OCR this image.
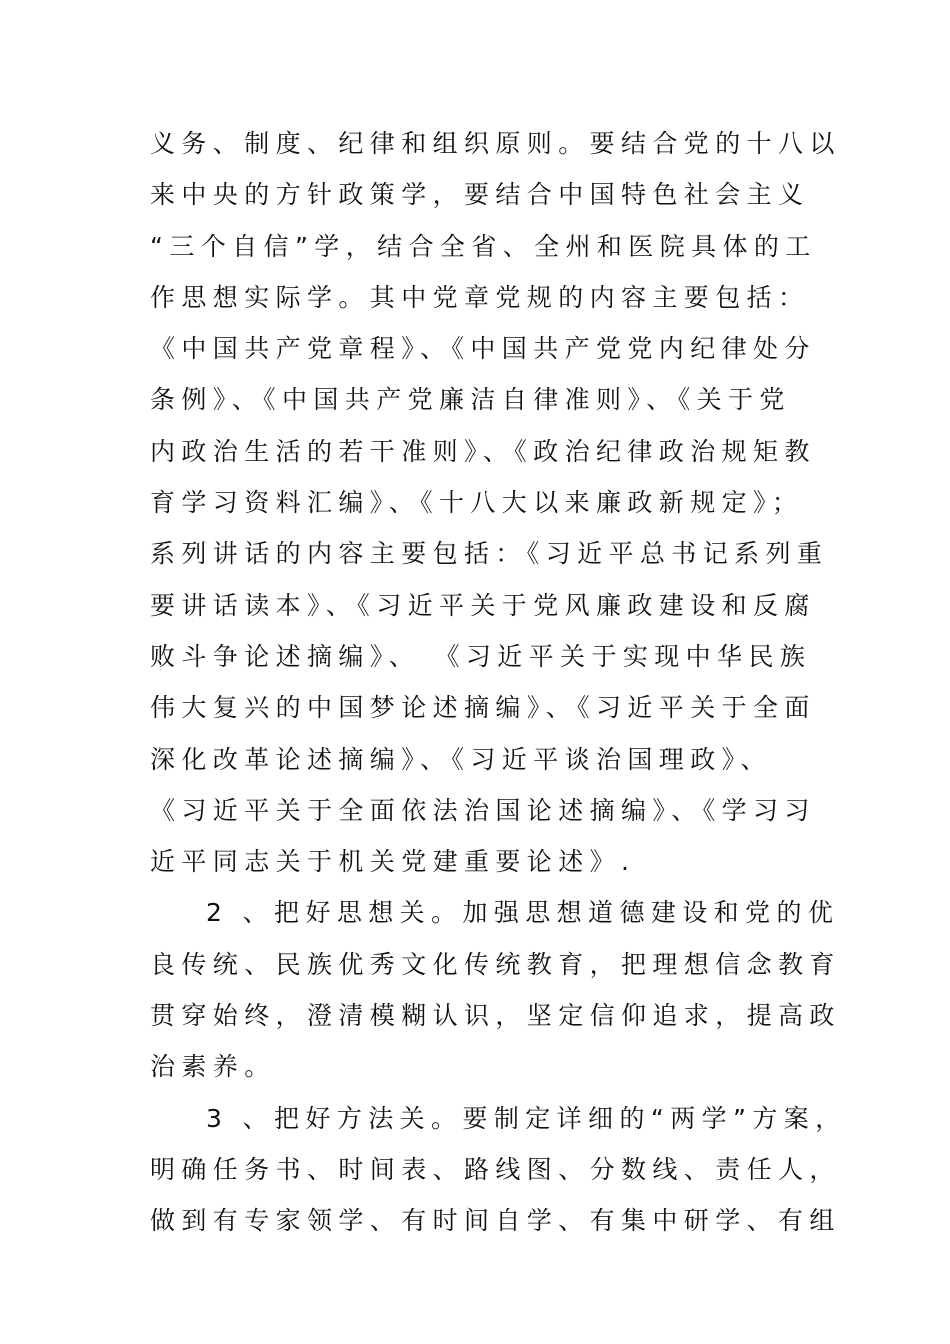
义务、制度、纪律和组织原则。要结合党的十八以
来中央的方针政策学，要结合中国特色社会主义
“三个自信”学，结合全省、全州和医院具体的工
作思想实际学。其中党章党规的内容主要包括：
《中国共产党章程》、《中国共产党党内纪律处分
条例》、《中国共产党廉洁自律准则》、《关于党
内政治生活的若干准则》、《政治纪律政治规矩教
育学习资料汇编》、《十八大以来廉政新规定》；
系列讲话的内容主要包括：《习近平总书记系列重
要讲话读本》、《习近平关于党风廉政建设和反腐
败斗争论述摘编》、 《习近平关于实现中华民族
伟大复兴的中国梦论述摘编》、《习近平关于全面
深化改革论述摘编》、《习近平谈治国理政》、
《习近平关于全面依法治国论述摘编》、《学习习
近平同志关于机关党建重要论述》.
2 、把好思想关。加强思想道德建设和党的优
良传统、民族优秀文化传统教育，把理想信念教育
贯穿始终，澄清模糊认识，坚定信仰追求，提高政
治素养。
3 、把好方法关。要制定详细的“两学”方案，
明确任务书、时间表、路线图、分数线、责任人，
做到有专家领学、有时间自学、有集中研学、有组
